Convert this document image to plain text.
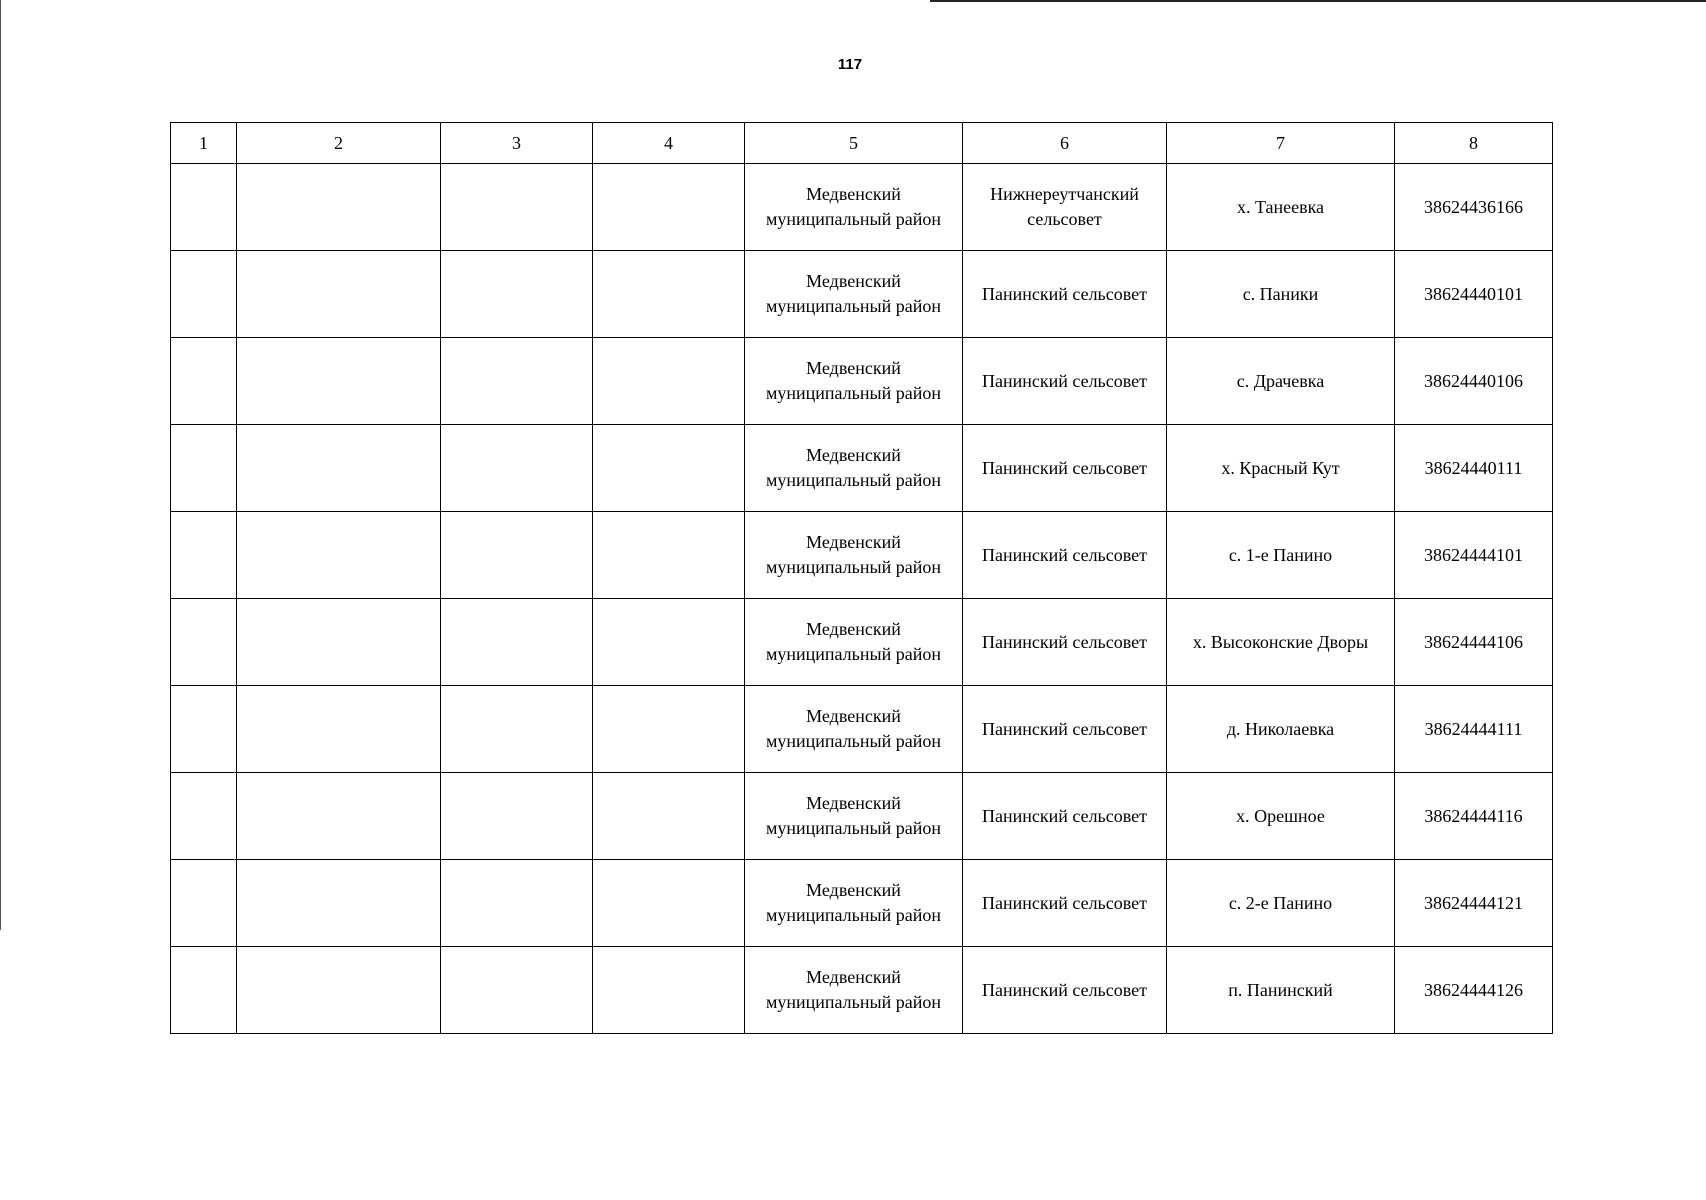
117
1	2	3	4	5	6	7	8
				Медвенский муниципальный район	Нижнереутчанский сельсовет	х. Танеевка	38624436166
				Медвенский муниципальный район	Панинский сельсовет	с. Паники	38624440101
				Медвенский муниципальный район	Панинский сельсовет	с. Драчевка	38624440106
				Медвенский муниципальный район	Панинский сельсовет	х. Красный Кут	38624440111
				Медвенский муниципальный район	Панинский сельсовет	с. 1-е Панино	38624444101
				Медвенский муниципальный район	Панинский сельсовет	х. Высоконские Дворы	38624444106
				Медвенский муниципальный район	Панинский сельсовет	д. Николаевка	38624444111
				Медвенский муниципальный район	Панинский сельсовет	х. Орешное	38624444116
				Медвенский муниципальный район	Панинский сельсовет	с. 2-е Панино	38624444121
				Медвенский муниципальный район	Панинский сельсовет	п. Панинский	38624444126
